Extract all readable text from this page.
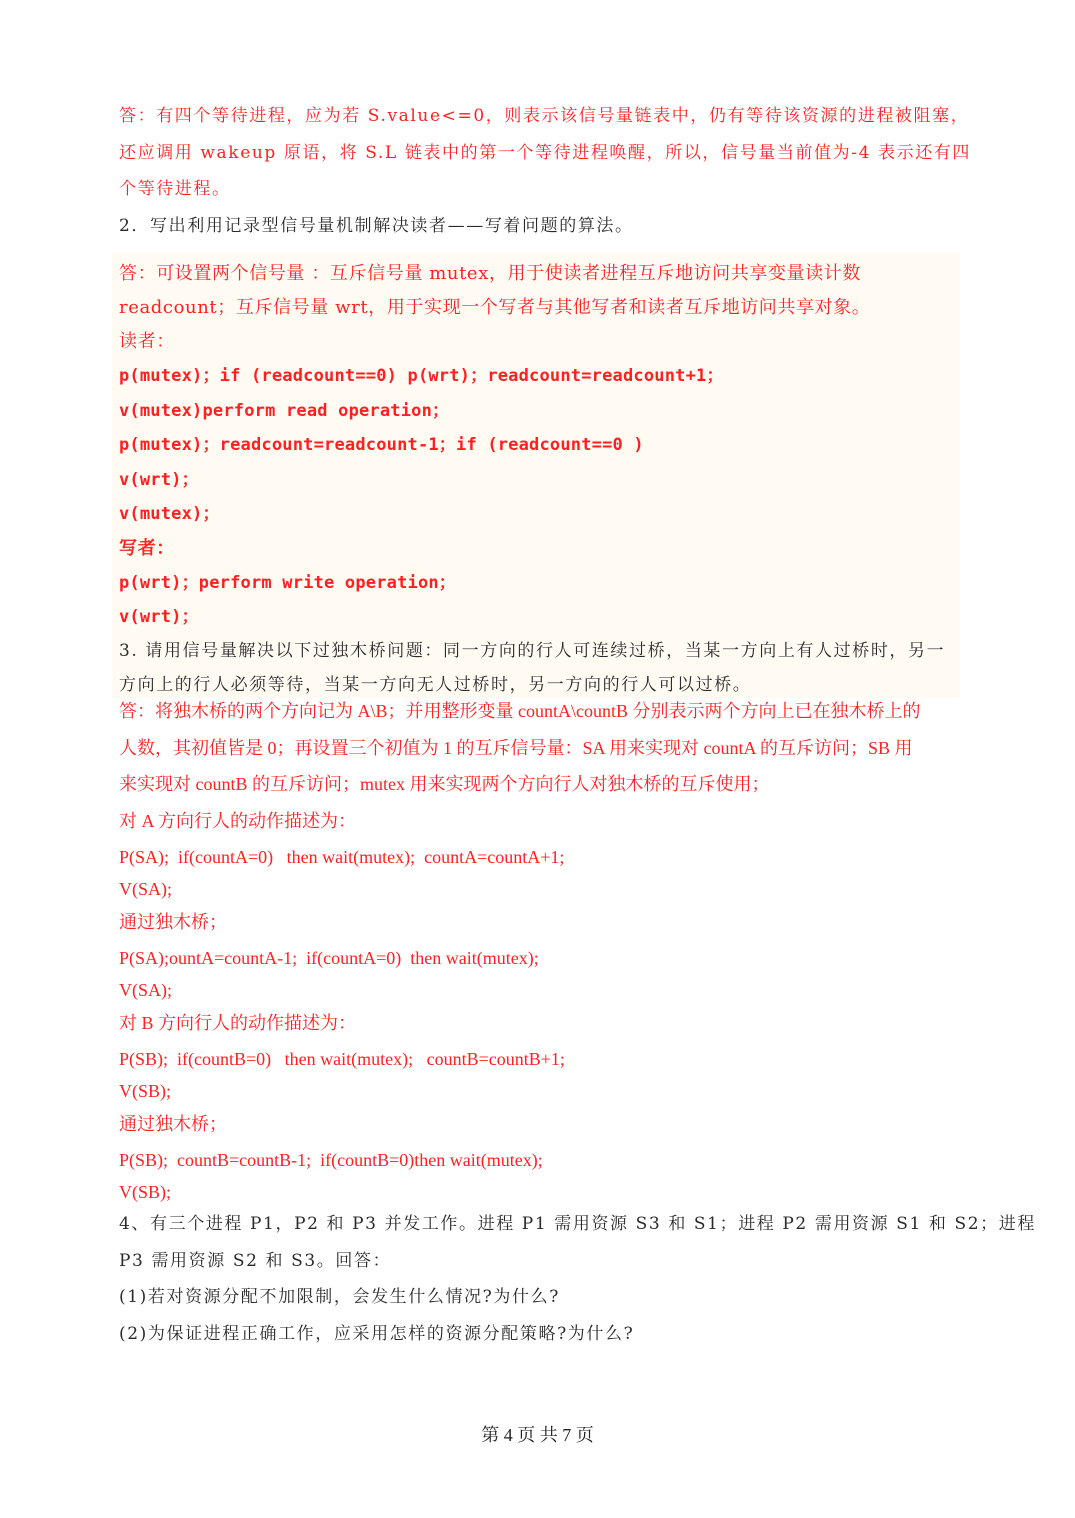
答：有四个等待进程，应为若 S.value<=0，则表示该信号量链表中，仍有等待该资源的进程被阻塞，
还应调用 wakeup 原语，将 S.L 链表中的第一个等待进程唤醒，所以，信号量当前值为-4 表示还有四
个等待进程。
2．写出利用记录型信号量机制解决读者——写着问题的算法。
答：可设置两个信号量 ：互斥信号量 mutex，用于使读者进程互斥地访问共享变量读计数
readcount；互斥信号量 wrt，用于实现一个写者与其他写者和读者互斥地访问共享对象。
读者：
p(mutex)；if (readcount==0) p(wrt)；readcount=readcount+1；
v(mutex)perform read operation；
p(mutex)；readcount=readcount-1；if (readcount==0 )
v(wrt)；
v(mutex)；
写者：
p(wrt)；perform write operation；
v(wrt)；
3. 请用信号量解决以下过独木桥问题：同一方向的行人可连续过桥，当某一方向上有人过桥时，另一
方向上的行人必须等待，当某一方向无人过桥时，另一方向的行人可以过桥。
答：将独木桥的两个方向记为 A\B；并用整形变量 countA\countB 分别表示两个方向上已在独木桥上的
人数，其初值皆是 0；再设置三个初值为 1 的互斥信号量：SA 用来实现对 countA 的互斥访问；SB 用
来实现对 countB 的互斥访问；mutex 用来实现两个方向行人对独木桥的互斥使用；
对 A 方向行人的动作描述为：
P(SA);  if(countA=0)   then wait(mutex);  countA=countA+1;
V(SA);
通过独木桥；
P(SA);ountA=countA-1;  if(countA=0)  then wait(mutex);
V(SA);
对 B 方向行人的动作描述为：
P(SB);  if(countB=0)   then wait(mutex);   countB=countB+1;
V(SB);
通过独木桥；
P(SB);  countB=countB-1;  if(countB=0)then wait(mutex);
V(SB);
4、有三个进程 P1，P2 和 P3 并发工作。进程 P1 需用资源 S3 和 S1；进程 P2 需用资源 S1 和 S2；进程
P3 需用资源 S2 和 S3。回答：
(1)若对资源分配不加限制，会发生什么情况?为什么?
(2)为保证进程正确工作，应采用怎样的资源分配策略?为什么?
第 4 页 共 7 页
